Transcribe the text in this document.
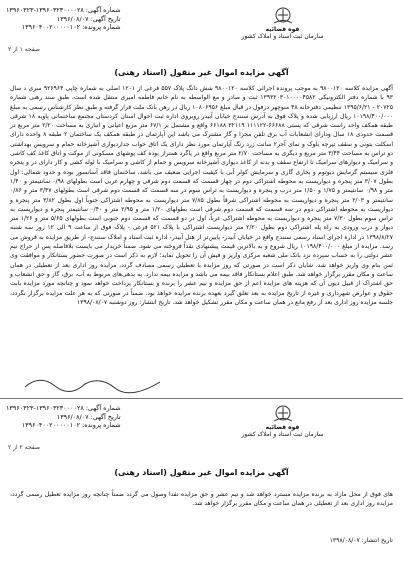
شماره آگهی: ۱۳۹۶۰۳۲۳۰۰۰۰۲۸-۱۳۹۶۰۳۲۳
تاریخ آگهی: ۱۳۹۶/۰۸/۰۷
شماره پرونده: ۱۳۹۶۰۴۰۰۲۰۰۰۰۰۱۰۲	قوه قضائیه
سازمان ثبت اسناد و املاک کشور
صفحه ۱ از ۲
آگهی مزایده اموال غیر منقول (اسناد رهنی)
آگهی مزایده کلاسه ۹۸۰۰۱۲۰ به موجب پرونده اجرائی کلاسه ۹۸۰۰۱۲۰ شش دانگ پلاک ۵۵۷ فرعی از ۱۲۰۱ اصلی به شماره چاپی ۹۲۶۹۶۴ سری د سال ۹۳ با شماره دفتر الکترونیکی ۱۳۹۳۲۰۳۰۱۰۰۰۰۴۵۸۲ ثبت و صادر و مع الواسطه به نام خانم فاطمه امیری منتقل شده است، طبق سند رهنی شماره ۲۰۷۲۵ - ۱۳۹۵/۶/۲۱ تنظیمی دفترخانه ۴۸ منوچهر دزفول در قبال مبلغ ۱۰۸۰۶۹۵۶ ریال در رهن بانک ملت قرار گرفته و طبق نظر کارشناس رسمی به مبلغ ۱۰۱۹۸/۴۰۰/۰۰۰ ریال ارزیابی شده و پلاک فوق به آدرس سنندج خیابان آبیدر روبروی اداره ثبت احوال استان کردستان مجتمع ساختمانی پاویه ۱۸ شرقی طبقه همکف واحد راست شرقی که پستی ۶۶۶۸۸-۱۱۱۱۲۲ ۳۲۱۱۹ ۶۶۱۸۸ واقع و مشتمل بر ۶۷/۱ متر مربع اعیانی و انباری به مساحت ۲/۲۰ متر مربع در قسمت حدودی ۱۸ سال ودارای انشعابات آب برق تلفن مجزا و گاز مشترک می باشد این آپارتمان در طبقه همکف یک ساختمان ۲ طبقه ۸ واحده دارای اسکلت بتونی و سقف تیرچه بلوک و نمای آجر۲ سانت زرد رنگ آپارتمان مورد نظر دارای یک اتاق خواب جداردیواری آشپزخانه حمام و سرویس بهداشتی دو تراس به مساحت ۳/۴۴ متر مربع و دیگری به مساحت ۲/۷۰ متر مربع واقع در پاگرد همتراز بوده کف پوشهای مسکونی از موکت و اتاق کاغذ کف کاشی و سرامیک و دیوارهای سرامیک تا ارتفاع سقف و بدنه از کاغذ دیواری آشپزخانه سرویس و حمام از کاشی و سرامیک با لوله کشی و کار دارای در و پنجره فلزی سیستم گرمایش دیوتوم و بخاری گازی و سرمایش کولر آبی با کیفیت اجرایی ضعیف می باشد، ساختمان فاقد آسانسور بوده و حدود شمالی: اول بطول ۳/۰۷ متر پنجره و دیواریست به محوطه اشتراکی دوم در چهار قسمت که قسمت دوم شرقی و چهارم غربی است بطولهای ۰/۹۸ سانتیمتر و ۱/۴۰ متر و ۰/۹۸ سانتیمتر و ۱/۷۵ و ۱/۵۰ متر درب و پنجره و دیواریست به تراس سوم در سه قسمت که قسمت دوم شرقی است بطولهای ۳/۴۷ متر و ۰/۸۶ سانتیمتر و ۲/۰۳ متر پنجره و دیواریست به محوطه اشتراکی شرقاً بطول ۷/۸۵ متر دیواریست به محوطه اشتراکی جنوباً اول بطول ۳/۸۲ متر پنجره و دیواریست به محوطه اشتراکی دوم در سه قسمت که قسمت دوم شرقی است بطولهای ۱/۲۰ متر و ۲/۹۵ متر و ۰/۴۰ سانتیمتر پنجره و دیواریست به تراس سوم بطول ۷/۳۰ متر پنجره و دیواریست به محوطه اشتراکی غرباً، اول در دو قسمت که قسمت دوم جنوبی است بطولهای ۵/۶۵ متر و ۱/۲۶ متر دیوار و درب ورودی به راه پله اشتراکی دوم بطول ۲/۲۰ متر دیواریست اشتراکی با پلاک ۵۲۱ فرعی - پلاک فوق از ساعت ۹ الی ۱۲ روز سه شنبه ۱۳۹۸/۸/۲۷ در اداره اجرای اسناد رسمی سنندج واقع در خیابان آبیدر- پایین‌تر از هتل آبیدر- اداره ثبت اسناد و املاک سنندج- از طریق مزایده به فروش می رسد. مزایده از مبلغ ۱۰۱۹۸/۴۰۰/۰۰۰ ریال شروع و به بالاترین قیمت پیشنهادی نقداً فروخته می شود. ضمناً خریدار می بایست بلافاصله پس از حراج نیم عشر دولتی را به حساب سپرده نزد بانک ملی شعبه مرکزی واریز و فیش آن را تحویل نماید؛ لازم به ذکر است در صورت حضور بستانکار و موافقت وی ثمن بنام وی واریز خواهد شد. شایان ذکر است در صورتی که روز مزایده با تعطیلی رسمی مصادف گردد، مزایده روز اداری بعد از تعطیلی در همان ساعت و مکان مقرر برگزار خواهد شد. طبق اعلام بستانکار فاقد بیمه می باشد و مزایده بیمه ندارد. به بدهی‌های مربوط به آب، برق، گاز و حق انشعاب و حق اشتراک از قبیل دیون آن که هزینه هاى مزایده اعم از حق مزایده و نیم عشر را برنده و بستانکار پرداخت خواهد نمود و چنانچه مورد مزایده بابت حقوق و عوارض شهرداری و غیره از تاریخ مزایده به بعد تعلق گیرد بعهده برنده مزایده خواهد بود. ضمناً در صورتی که به هر علت مزایده برگزار نگردد، جلسه مزایده روز اداری بعد از رفع مانع در همان ساعت و مکان مقرر تشکیل خواهد شد. تاریخ انتشار: روز دوشنبه ۱۳۹۸/۰۸/۰۷
شماره آگهی: ۱۳۹۶۰۳۲۳۰۰۰۰۲۸-۱۳۹۶۰۳۲۳
تاریخ آگهی: ۱۳۹۶/۰۸/۰۷
شماره پرونده: ۱۳۹۶۰۴۰۰۲۰۰۰۰۰۱۰۲	قوه قضائیه
سازمان ثبت اسناد و املاک کشور
صفحه ۲ از ۲
آگهی مزایده اموال غیر منقول (اسناد رهنی)
های فوق از محل مازاد به برنده مزایده مسترد خواهد شد و نیم عشر و حق مزایده نقدا وصول می گردد ضمناً چنانچه روز مزایده تعطیل رسمی گردد، مزایده روز اداری بعد از تعطیلی در همان ساعت و مکان مقرر برگزار خواهد شد.
تاریخ انتشار: ۱۳۹۸/۰۸/۰۷
